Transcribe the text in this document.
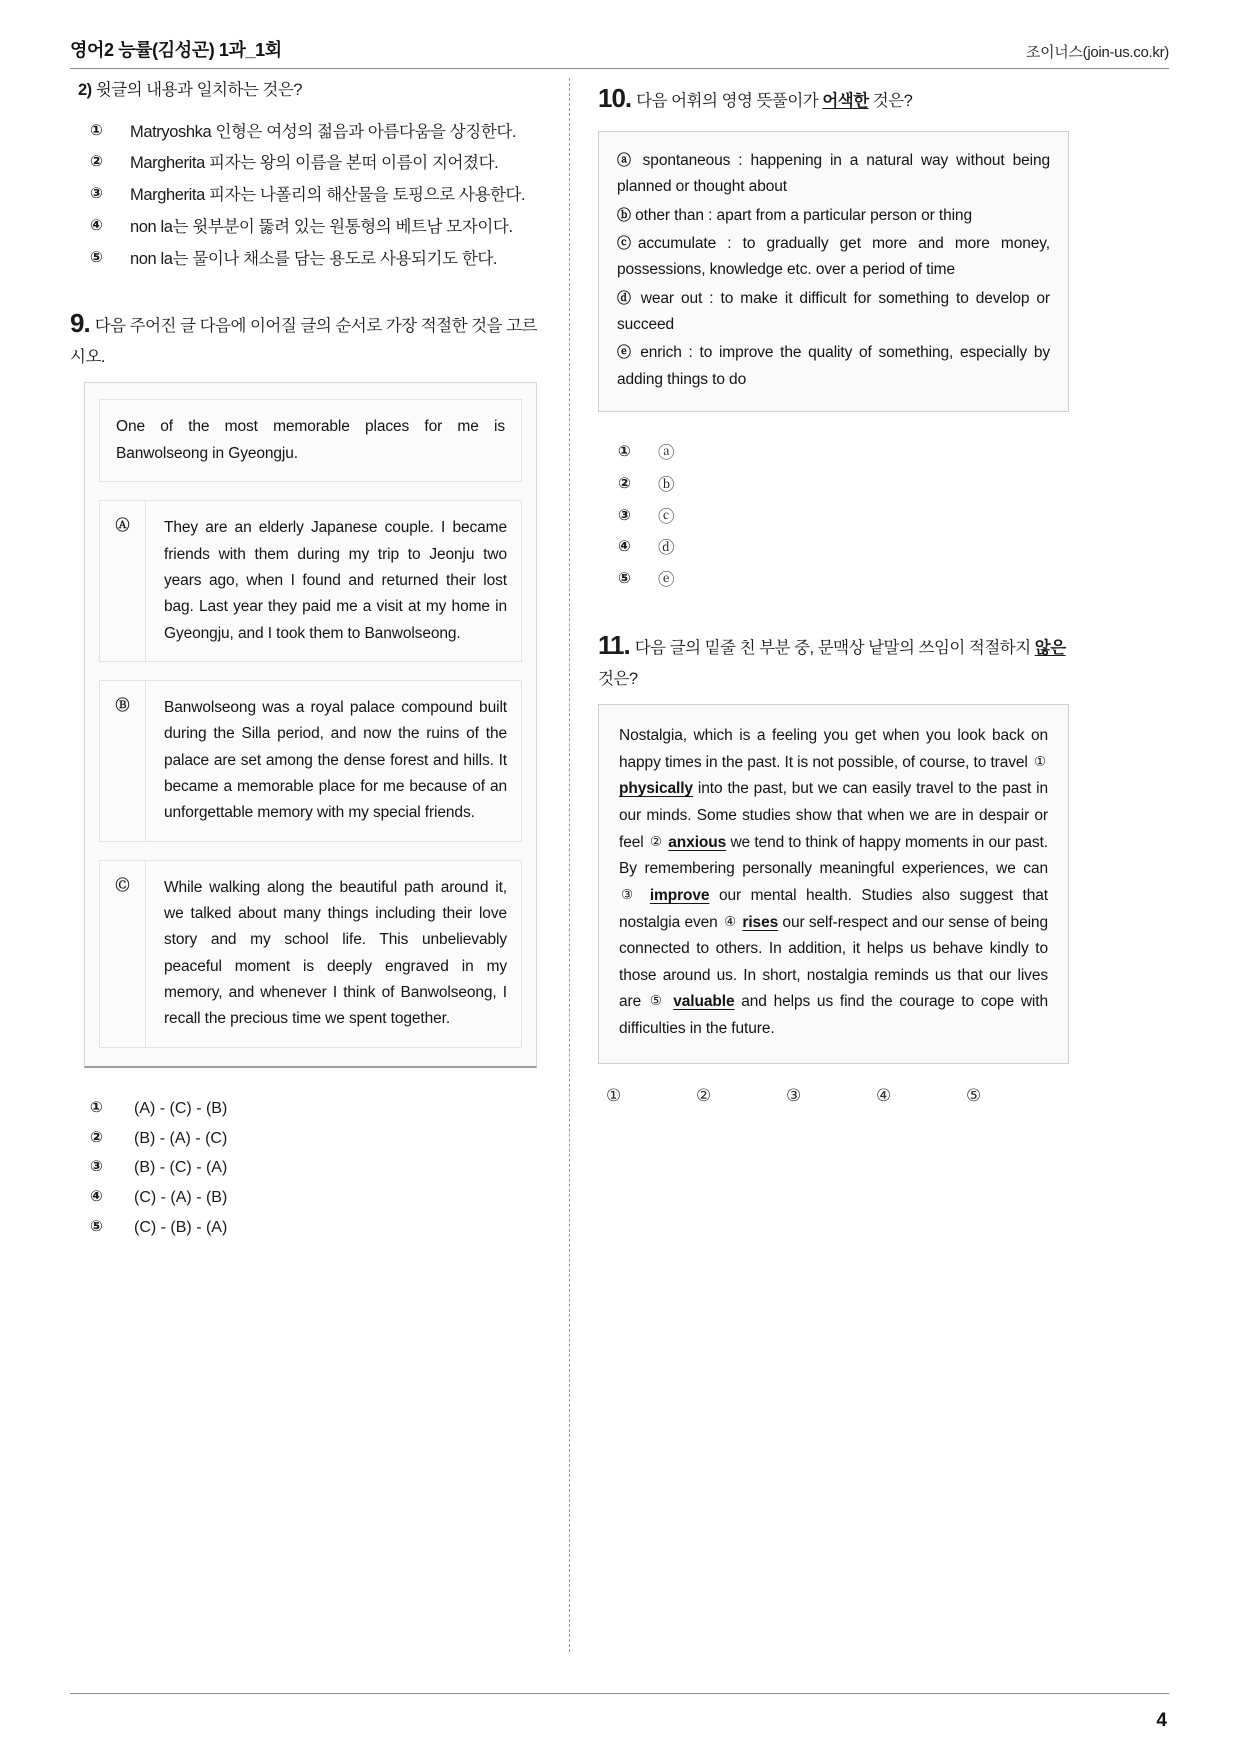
영어2 능률(김성곤) 1과_1회	조이너스(join-us.co.kr)
2) 윗글의 내용과 일치하는 것은?
①	Matryoshka 인형은 여성의 젊음과 아름다움을 상징한다.
②	Margherita 피자는 왕의 이름을 본떠 이름이 지어졌다.
③	Margherita 피자는 나폴리의 해산물을 토핑으로 사용한다.
④	non la는 윗부분이 뚫려 있는 원통형의 베트남 모자이다.
⑤	non la는 물이나 채소를 담는 용도로 사용되기도 한다.
9. 다음 주어진 글 다음에 이어질 글의 순서로 가장 적절한 것을 고르시오.

One of the most memorable places for me is Banwolseong in Gyeongju.

Ⓐ	They are an elderly Japanese couple. I became friends with them during my trip to Jeonju two years ago, when I found and returned their lost bag. Last year they paid me a visit at my home in Gyeongju, and I took them to Banwolseong.

Ⓑ	Banwolseong was a royal palace compound built during the Silla period, and now the ruins of the palace are set among the dense forest and hills. It became a memorable place for me because of an unforgettable memory with my special friends.

Ⓒ	While walking along the beautiful path around it, we talked about many things including their love story and my school life. This unbelievably peaceful moment is deeply engraved in my memory, and whenever I think of Banwolseong, I recall the precious time we spent together.

①	(A) - (C) - (B)
②	(B) - (A) - (C)
③	(B) - (C) - (A)
④	(C) - (A) - (B)
⑤	(C) - (B) - (A)
10. 다음 어휘의 영영 뜻풀이가 어색한 것은?

ⓐ spontaneous : happening in a natural way without being planned or thought about

ⓑ other than : apart from a particular person or thing

ⓒaccumulate : to gradually get more and more money, possessions, knowledge etc. over a period of time

ⓓ wear out : to make it difficult for something to develop or succeed

ⓔ enrich : to improve the quality of something, especially by adding things to do

①	ⓐ
②	ⓑ
③	ⓒ
④	ⓓ
⑤	ⓔ
11. 다음 글의 밑줄 친 부분 중, 문맥상 낱말의 쓰임이 적절하지 않은 것은?

Nostalgia, which is a feeling you get when you look back on happy times in the past. It is not possible, of course, to travel ① physically into the past, but we can easily travel to the past in our minds. Some studies show that when we are in despair or feel ② anxious we tend to think of happy moments in our past. By remembering personally meaningful experiences, we can ③ improve our mental health. Studies also suggest that nostalgia even ④ rises our self-respect and our sense of being connected to others. In addition, it helps us behave kindly to those around us. In short, nostalgia reminds us that our lives are ⑤ valuable and helps us find the courage to cope with difficulties in the future.

①	②	③	④	⑤
4
